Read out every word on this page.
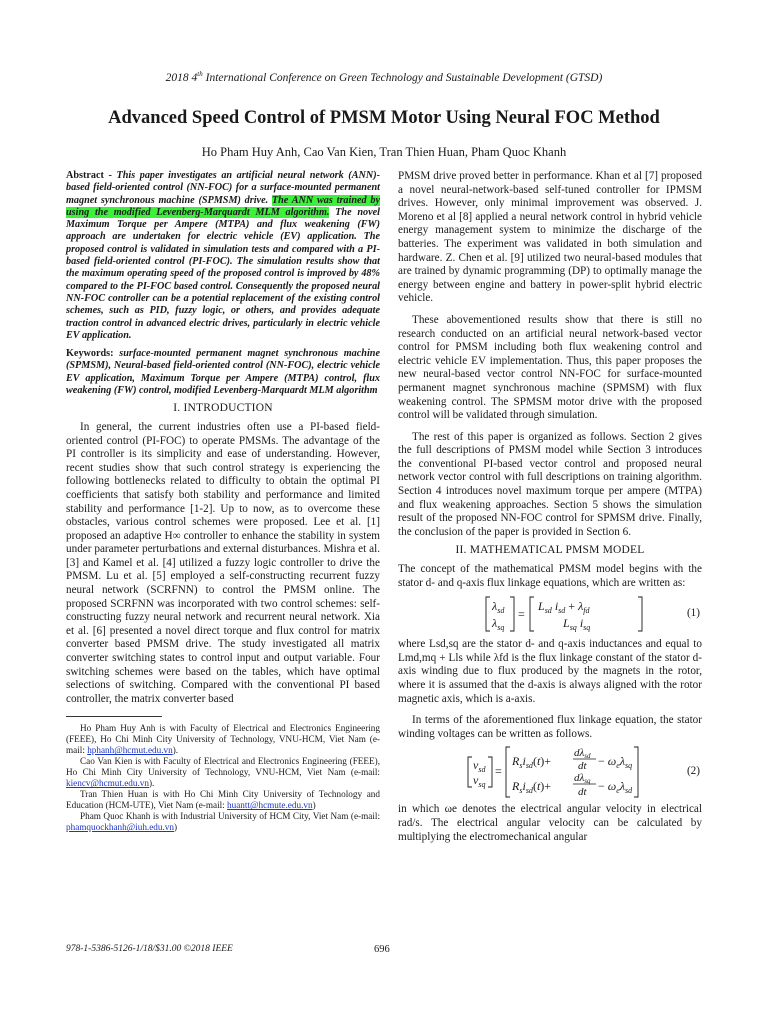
2018 4th International Conference on Green Technology and Sustainable Development (GTSD)
Advanced Speed Control of PMSM Motor Using Neural FOC Method
Ho Pham Huy Anh, Cao Van Kien, Tran Thien Huan, Pham Quoc Khanh

Abstract - This paper investigates an artificial neural network (ANN)-based field-oriented control (NN-FOC) for a surface-mounted permanent magnet synchronous machine (SPMSM) drive. The ANN was trained by using the modified Levenberg-Marquardt MLM algorithm. The novel Maximum Torque per Ampere (MTPA) and flux weakening (FW) approach are undertaken for electric vehicle (EV) application. The proposed control is validated in simulation tests and compared with a PI-based field-oriented control (PI-FOC). The simulation results show that the maximum operating speed of the proposed control is improved by 48% compared to the PI-FOC based control. Consequently the proposed neural NN-FOC controller can be a potential replacement of the existing control schemes, such as PID, fuzzy logic, or others, and provides adequate traction control in advanced electric drives, particularly in electric vehicle EV application.

Keywords: surface-mounted permanent magnet synchronous machine (SPMSM), Neural-based field-oriented control (NN-FOC), electric vehicle EV application, Maximum Torque per Ampere (MTPA) control, flux weakening (FW) control, modified Levenberg-Marquardt MLM algorithm

I. INTRODUCTION

In general, the current industries often use a PI-based field-oriented control (PI-FOC) to operate PMSMs. The advantage of the PI controller is its simplicity and ease of understanding. However, recent studies show that such control strategy is experiencing the following bottlenecks related to difficulty to obtain the optimal PI coefficients that satisfy both stability and performance and limited stability and performance [1-2]. Up to now, as to overcome these obstacles, various control schemes were proposed. Lee et al. [1] proposed an adaptive H∞ controller to enhance the stability in system under parameter perturbations and external disturbances. Mishra et al. [3] and Kamel et al. [4] utilized a fuzzy logic controller to drive the PMSM. Lu et al. [5] employed a self-constructing recurrent fuzzy neural network (SCRFNN) to control the PMSM online. The proposed SCRFNN was incorporated with two control schemes: self-constructing fuzzy neural network and recurrent neural network. Xia et al. [6] presented a novel direct torque and flux control for matrix converter based PMSM drive. The study investigated all matrix converter switching states to control input and output variable. Four switching schemes were based on the tables, which have optimal selections of switching. Compared with the conventional PI based controller, the matrix converter based

Ho Pham Huy Anh is with Faculty of Electrical and Electronics Engineering (FEEE), Ho Chi Minh City University of Technology, VNU-HCM, Viet Nam (e-mail: hphanh@hcmut.edu.vn).

Cao Van Kien is with Faculty of Electrical and Electronics Engineering (FEEE), Ho Chi Minh City University of Technology, VNU-HCM, Viet Nam (e-mail: kiencv@hcmut.edu.vn).

Tran Thien Huan is with Ho Chi Minh City University of Technology and Education (HCM-UTE), Viet Nam (e-mail: huantt@hcmute.edu.vn)

Pham Quoc Khanh is with Industrial University of HCM City, Viet Nam (e-mail: phamquockhanh@iuh.edu.vn)

PMSM drive proved better in performance. Khan et al [7] proposed a novel neural-network-based self-tuned controller for IPMSM drives. However, only minimal improvement was observed. J. Moreno et al [8] applied a neural network control in hybrid vehicle energy management system to minimize the discharge of the batteries. The experiment was validated in both simulation and hardware. Z. Chen et al. [9] utilized two neural-based modules that are trained by dynamic programming (DP) to optimally manage the energy between engine and battery in power-split hybrid electric vehicle.

These abovementioned results show that there is still no research conducted on an artificial neural network-based vector control for PMSM including both flux weakening control and electric vehicle EV implementation. Thus, this paper proposes the new neural-based vector control NN-FOC for surface-mounted permanent magnet synchronous machine (SPMSM) with flux weakening control. The SPMSM motor drive with the proposed control will be validated through simulation.

The rest of this paper is organized as follows. Section 2 gives the full descriptions of PMSM model while Section 3 introduces the conventional PI-based vector control and proposed neural network vector control with full descriptions on training algorithm. Section 4 introduces novel maximum torque per ampere (MTPA) and flux weakening approaches. Section 5 shows the simulation result of the proposed NN-FOC control for SPMSM drive. Finally, the conclusion of the paper is provided in Section 6.

II. MATHEMATICAL PMSM MODEL

The concept of the mathematical PMSM model begins with the stator d- and q-axis flux linkage equations, which are written as:

$\lambda_{sd}$
$\lambda_{sq}$
=
$L_{sd}$ $i_{sd} + \lambda_{fd}$
$L_{sq}$ $i_{sq}$
(1)

where Lsd,sq are the stator d- and q-axis inductances and equal to Lmd,mq + Lls while λfd is the flux linkage constant of the stator d-axis winding due to flux produced by the magnets in the rotor, where it is assumed that the d-axis is always aligned with the rotor magnetic axis, which is a-axis.

In terms of the aforementioned flux linkage equation, the stator winding voltages can be written as follows.

$v_{sd}$
$v_{sq}$
=
$R_si_{sd}(t)+$
dλsd
dt − $\omega_e\lambda_{sq}$
$R_si_{sd}(t)+$
dλsq
dt − $\omega_e\lambda_{sd}$
(2)

in which ωe denotes the electrical angular velocity in electrical rad/s. The electrical angular velocity can be calculated by multiplying the electromechanical angular

978-1-5386-5126-1/18/$31.00 ©2018 IEEE	696
